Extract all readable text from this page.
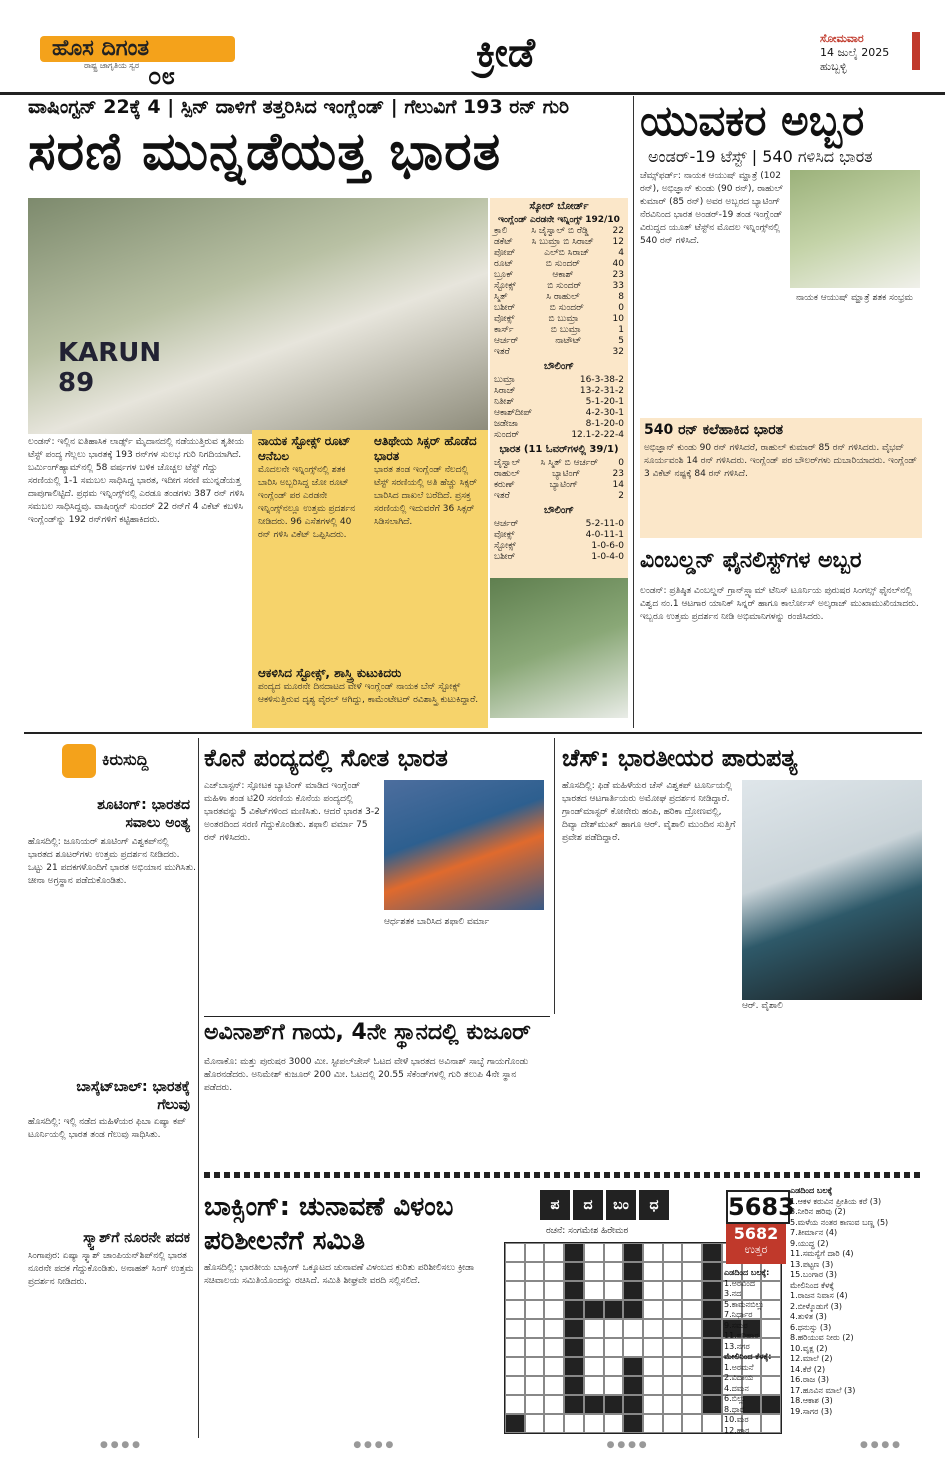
ಹೊಸ ದಿಗಂತ
ರಾಷ್ಟ್ರ ಜಾಗೃತಿಯ ಸ್ವರ ೦೮	ಕ್ರೀಡೆ	ಸೋಮವಾರ
14 ಜುಲೈ 2025
ಹುಬ್ಬಳ್ಳಿ
ವಾಷಿಂಗ್ಟನ್ 22ಕ್ಕೆ 4 | ಸ್ಪಿನ್ ದಾಳಿಗೆ ತತ್ತರಿಸಿದ ಇಂಗ್ಲೆಂಡ್ | ಗೆಲುವಿಗೆ 193 ರನ್ ಗುರಿ
ಸರಣಿ ಮುನ್ನಡೆಯತ್ತ ಭಾರತ
KARUN 89
ಸ್ಕೋರ್ ಬೋರ್ಡ್
ಇಂಗ್ಲೆಂಡ್ ಎರಡನೇ ಇನ್ನಿಂಗ್ಸ್ 192/10
ಕ್ರಾಲಿ	ಸಿ ಜೈಸ್ವಾಲ್ ಬಿ ರೆಡ್ಡಿ	22
ಡಕೆಟ್ ಸಿ ಬುಮ್ರಾ ಬಿ ಸಿರಾಜ್ 12
ಪೋಪ್	ಎಲ್‌ಬಿ ಸಿರಾಜ್	4
ರೂಟ್	ಬಿ ಸುಂದರ್	40
ಬ್ರೂಕ್	ಆಕಾಶ್	23
ಸ್ಟೋಕ್ಸ್	ಬಿ ಸುಂದರ್	33
ಸ್ಮಿತ್	ಸಿ ರಾಹುಲ್	8
ಬಶೀರ್	ಬಿ ಸುಂದರ್	0
ವೋಕ್ಸ್	ಬಿ ಬುಮ್ರಾ	10
ಕಾರ್ಸ್	ಬಿ ಬುಮ್ರಾ	1
ಆರ್ಚರ್	ನಾಟೌಟ್	5
ಇತರೆ	32
ಬೌಲಿಂಗ್
ಬುಮ್ರಾ	16-3-38-2
ಸಿರಾಜ್	13-2-31-2
ನಿತೀಶ್	5-1-20-1
ಆಕಾಶ್‌ದೀಪ್	4-2-30-1
ಜಡೇಜಾ	8-1-20-0
ಸುಂದರ್	12.1-2-22-4
ಭಾರತ (11 ಓವರ್‌ಗಳಲ್ಲಿ 39/1)
ಜೈಸ್ವಾಲ್ ಸಿ ಸ್ಮಿತ್ ಬಿ ಆರ್ಚರ್ 0
ರಾಹುಲ್	ಬ್ಯಾಟಿಂಗ್	23
ಕರುಣ್	ಬ್ಯಾಟಿಂಗ್	14
ಇತರೆ	2
ಬೌಲಿಂಗ್
ಆರ್ಚರ್	5-2-11-0
ವೋಕ್ಸ್	4-0-11-1
ಸ್ಟೋಕ್ಸ್	1-0-6-0
ಬಶೀರ್	1-0-4-0
ಲಂಡನ್: ಇಲ್ಲಿನ ಐತಿಹಾಸಿಕ ಲಾರ್ಡ್ಸ್ ಮೈದಾನದಲ್ಲಿ ನಡೆಯುತ್ತಿರುವ ತೃತೀಯ ಟೆಸ್ಟ್ ಪಂದ್ಯ ಗೆಲ್ಲಲು ಭಾರತಕ್ಕೆ 193 ರನ್‌ಗಳ ಸುಲಭ ಗುರಿ ನಿಗದಿಯಾಗಿದೆ. ಬರ್ಮಿಂಗ್‌ಹ್ಯಾಮ್‌ನಲ್ಲಿ 58 ವರ್ಷಗಳ ಬಳಿಕ ಚೊಚ್ಚಲ ಟೆಸ್ಟ್ ಗೆದ್ದು ಸರಣಿಯಲ್ಲಿ 1-1 ಸಮಬಲ ಸಾಧಿಸಿದ್ದ ಭಾರತ, ಇದೀಗ ಸರಣಿ ಮುನ್ನಡೆಯತ್ತ ದಾಪುಗಾಲಿಟ್ಟಿದೆ. ಪ್ರಥಮ ಇನ್ನಿಂಗ್ಸ್‌ನಲ್ಲಿ ಎರಡೂ ತಂಡಗಳು 387 ರನ್ ಗಳಿಸಿ ಸಮಬಲ ಸಾಧಿಸಿದ್ದವು. ವಾಷಿಂಗ್ಟನ್ ಸುಂದರ್ 22 ರನ್‌ಗೆ 4 ವಿಕೆಟ್ ಕಬಳಿಸಿ ಇಂಗ್ಲೆಂಡ್‌ನ್ನು 192 ರನ್‌ಗಳಿಗೆ ಕಟ್ಟಿಹಾಕಿದರು.
ನಾಯಕ ಸ್ಟೋಕ್ಸ್ ರೂಟ್ ಆನೆಬಲ
ಮೊದಲನೇ ಇನ್ನಿಂಗ್ಸ್‌ನಲ್ಲಿ ಶತಕ ಬಾರಿಸಿ ಅಬ್ಬರಿಸಿದ್ದ ಜೋ ರೂಟ್ ಇಂಗ್ಲೆಂಡ್ ಪರ ಎರಡನೇ ಇನ್ನಿಂಗ್ಸ್‌ನಲ್ಲೂ ಉತ್ತಮ ಪ್ರದರ್ಶನ ನೀಡಿದರು. 96 ಎಸೆತಗಳಲ್ಲಿ 40 ರನ್ ಗಳಿಸಿ ವಿಕೆಟ್ ಒಪ್ಪಿಸಿದರು.
ಆತಿಥೇಯ ಸಿಕ್ಸರ್ ಹೊಡೆದ ಭಾರತ
ಭಾರತ ತಂಡ ಇಂಗ್ಲೆಂಡ್ ನೆಲದಲ್ಲಿ ಟೆಸ್ಟ್ ಸರಣಿಯಲ್ಲಿ ಅತಿ ಹೆಚ್ಚು ಸಿಕ್ಸರ್ ಬಾರಿಸಿದ ದಾಖಲೆ ಬರೆದಿದೆ. ಪ್ರಸಕ್ತ ಸರಣಿಯಲ್ಲಿ ಇದುವರೆಗೆ 36 ಸಿಕ್ಸರ್ ಸಿಡಿಸಲಾಗಿದೆ.
ಆಕಳಿಸಿದ ಸ್ಟೋಕ್ಸ್, ಶಾಸ್ತ್ರಿ ಕುಟುಕಿದರು
ಪಂದ್ಯದ ಮೂರನೇ ದಿನದಾಟದ ವೇಳೆ ಇಂಗ್ಲೆಂಡ್ ನಾಯಕ ಬೆನ್ ಸ್ಟೋಕ್ಸ್ ಆಕಳಿಸುತ್ತಿರುವ ದೃಶ್ಯ ವೈರಲ್ ಆಗಿದ್ದು, ಕಾಮೆಂಟೇಟರ್ ರವಿಶಾಸ್ತ್ರಿ ಕುಟುಕಿದ್ದಾರೆ.
ಯುವಕರ ಅಬ್ಬರ
ಅಂಡರ್-19 ಟೆಸ್ಟ್ | 540 ಗಳಿಸಿದ ಭಾರತ
ಚೆಮ್ಸ್‌ಫರ್ಡ್: ನಾಯಕ ಆಯುಷ್ ಮ್ಹಾತ್ರೆ (102 ರನ್), ಅಭಿಜ್ಞಾನ್ ಕುಂಡು (90 ರನ್), ರಾಹುಲ್ ಕುಮಾರ್ (85 ರನ್) ಅವರ ಅಬ್ಬರದ ಬ್ಯಾಟಿಂಗ್ ನೆರವಿನಿಂದ ಭಾರತ ಅಂಡರ್-19 ತಂಡ ಇಂಗ್ಲೆಂಡ್ ವಿರುದ್ಧದ ಯೂತ್ ಟೆಸ್ಟ್‌ನ ಮೊದಲ ಇನ್ನಿಂಗ್ಸ್‌ನಲ್ಲಿ 540 ರನ್ ಗಳಿಸಿದೆ.
ನಾಯಕ ಆಯುಷ್ ಮ್ಹಾತ್ರೆ ಶತಕ ಸಂಭ್ರಮ
540 ರನ್ ಕಲೆಹಾಕಿದ ಭಾರತ
ಅಭಿಜ್ಞಾನ್ ಕುಂಡು 90 ರನ್ ಗಳಿಸಿದರೆ, ರಾಹುಲ್ ಕುಮಾರ್ 85 ರನ್ ಗಳಿಸಿದರು. ವೈಭವ್ ಸೂರ್ಯವಂಶಿ 14 ರನ್ ಗಳಿಸಿದರು. ಇಂಗ್ಲೆಂಡ್ ಪರ ಬೌಲರ್‌ಗಳು ದುಬಾರಿಯಾದರು. ಇಂಗ್ಲೆಂಡ್ 3 ವಿಕೆಟ್ ನಷ್ಟಕ್ಕೆ 84 ರನ್ ಗಳಿಸಿದೆ.
ವಿಂಬಲ್ಡನ್ ಫೈನಲಿಸ್ಟ್‌ಗಳ ಅಬ್ಬರ
ಲಂಡನ್: ಪ್ರತಿಷ್ಠಿತ ವಿಂಬಲ್ಡನ್ ಗ್ರಾನ್‌ಸ್ಲ್ಯಾಮ್ ಟೆನಿಸ್ ಟೂರ್ನಿಯ ಪುರುಷರ ಸಿಂಗಲ್ಸ್ ಫೈನಲ್‌ನಲ್ಲಿ ವಿಶ್ವದ ನಂ.1 ಆಟಗಾರ ಯಾನಿಕ್ ಸಿನ್ನರ್ ಹಾಗೂ ಕಾರ್ಲೋಸ್ ಅಲ್ಕರಾಜ್ ಮುಖಾಮುಖಿಯಾದರು. ಇಬ್ಬರೂ ಉತ್ತಮ ಪ್ರದರ್ಶನ ನೀಡಿ ಅಭಿಮಾನಿಗಳನ್ನು ರಂಜಿಸಿದರು.
ಕಿರುಸುದ್ದಿ
ಶೂಟಿಂಗ್: ಭಾರತದ ಸವಾಲು ಅಂತ್ಯ
ಹೊಸದಿಲ್ಲಿ: ಜೂನಿಯರ್ ಶೂಟಿಂಗ್ ವಿಶ್ವಕಪ್‌ನಲ್ಲಿ ಭಾರತದ ಶೂಟರ್‌ಗಳು ಉತ್ತಮ ಪ್ರದರ್ಶನ ನೀಡಿದರು. ಒಟ್ಟು 21 ಪದಕಗಳೊಂದಿಗೆ ಭಾರತ ಅಭಿಯಾನ ಮುಗಿಸಿತು. ಚೀನಾ ಅಗ್ರಸ್ಥಾನ ಪಡೆದುಕೊಂಡಿತು.
ಬಾಸ್ಕೆಟ್‌ಬಾಲ್: ಭಾರತಕ್ಕೆ ಗೆಲುವು
ಹೊಸದಿಲ್ಲಿ: ಇಲ್ಲಿ ನಡೆದ ಮಹಿಳೆಯರ ಫಿಬಾ ಏಷ್ಯಾ ಕಪ್ ಟೂರ್ನಿಯಲ್ಲಿ ಭಾರತ ತಂಡ ಗೆಲುವು ಸಾಧಿಸಿತು.
ಸ್ಕ್ವಾಶ್‌ಗೆ ನೂರನೇ ಪದಕ
ಸಿಂಗಾಪುರ: ಏಷ್ಯಾ ಸ್ಕ್ವಾಶ್ ಚಾಂಪಿಯನ್‌ಶಿಪ್‌ನಲ್ಲಿ ಭಾರತ ನೂರನೇ ಪದಕ ಗೆದ್ದುಕೊಂಡಿತು. ಅನಾಹತ್ ಸಿಂಗ್ ಉತ್ತಮ ಪ್ರದರ್ಶನ ನೀಡಿದರು.
ಕೊನೆ ಪಂದ್ಯದಲ್ಲಿ ಸೋತ ಭಾರತ
ಎಜ್‌ಬಾಸ್ಟನ್: ಸ್ಫೋಟಕ ಬ್ಯಾಟಿಂಗ್ ಮಾಡಿದ ಇಂಗ್ಲೆಂಡ್ ಮಹಿಳಾ ತಂಡ ಟಿ20 ಸರಣಿಯ ಕೊನೆಯ ಪಂದ್ಯದಲ್ಲಿ ಭಾರತವನ್ನು 5 ವಿಕೆಟ್‌ಗಳಿಂದ ಮಣಿಸಿತು. ಆದರೆ ಭಾರತ 3-2 ಅಂತರದಿಂದ ಸರಣಿ ಗೆದ್ದುಕೊಂಡಿತು. ಶಫಾಲಿ ವರ್ಮಾ 75 ರನ್ ಗಳಿಸಿದರು.
ಆರ್ಧಶತಕ ಬಾರಿಸಿದ ಶಫಾಲಿ ವರ್ಮಾ
ಚೆಸ್: ಭಾರತೀಯರ ಪಾರುಪತ್ಯ
ಹೊಸದಿಲ್ಲಿ: ಫಿಡೆ ಮಹಿಳೆಯರ ಚೆಸ್ ವಿಶ್ವಕಪ್ ಟೂರ್ನಿಯಲ್ಲಿ ಭಾರತದ ಆಟಗಾರ್ತಿಯರು ಅಮೋಘ ಪ್ರದರ್ಶನ ನೀಡಿದ್ದಾರೆ. ಗ್ರಾಂಡ್‌ಮಾಸ್ಟರ್ ಕೋನೇರು ಹಂಪಿ, ಹರಿಕಾ ದ್ರೋಣವಲ್ಲಿ, ದಿವ್ಯಾ ದೇಶ್‌ಮುಖ್ ಹಾಗೂ ಆರ್. ವೈಶಾಲಿ ಮುಂದಿನ ಸುತ್ತಿಗೆ ಪ್ರವೇಶ ಪಡೆದಿದ್ದಾರೆ.
ಆರ್. ವೈಶಾಲಿ
ಅವಿನಾಶ್‌ಗೆ ಗಾಯ, 4ನೇ ಸ್ಥಾನದಲ್ಲಿ ಕುಜೂರ್
ಮೊನಾಕೊ: ಮತ್ತು ಪುರುಷರ 3000 ಮೀ. ಸ್ಟೀಪಲ್‌ಚೇಸ್ ಓಟದ ವೇಳೆ ಭಾರತದ ಅವಿನಾಶ್ ಸಾಬ್ಳೆ ಗಾಯಗೊಂಡು ಹೊರನಡೆದರು. ಅನಿಮೇಶ್ ಕುಜೂರ್ 200 ಮೀ. ಓಟದಲ್ಲಿ 20.55 ಸೆಕೆಂಡ್‌ಗಳಲ್ಲಿ ಗುರಿ ತಲುಪಿ 4ನೇ ಸ್ಥಾನ ಪಡೆದರು.
ಬಾಕ್ಸಿಂಗ್: ಚುನಾವಣೆ ವಿಳಂಬ ಪರಿಶೀಲನೆಗೆ ಸಮಿತಿ
ಹೊಸದಿಲ್ಲಿ: ಭಾರತೀಯ ಬಾಕ್ಸಿಂಗ್ ಒಕ್ಕೂಟದ ಚುನಾವಣೆ ವಿಳಂಬದ ಕುರಿತು ಪರಿಶೀಲಿಸಲು ಕ್ರೀಡಾ ಸಚಿವಾಲಯ ಸಮಿತಿಯೊಂದನ್ನು ರಚಿಸಿದೆ. ಸಮಿತಿ ಶೀಘ್ರವೇ ವರದಿ ಸಲ್ಲಿಸಲಿದೆ.
ಪ	ದ	ಬಂ	ಧ
ರಚನೆ: ಸಂಗಮೇಶ ಹಿರೇಮಠ
5683
5682
ಉತ್ತರ
ಎಡದಿಂದ ಬಲಕ್ಕೆ:
1.ಅರವಿಂದ
3.ನದ
5.ಕಾಮನಬಿಲ್ಲು
7.ನಿರ್ಧಾರ
9.ಸಮರ
11.ಪರಿಹಾರ
13.ನಗರ
ಮೇಲಿನಿಂದ ಕೆಳಕ್ಕೆ:
1.ಅರಮನೆ
2.ವಿದಾಯ
4.ದಮನ
6.ಬಿಲ್ಲು
8.ಧಾರೆ
10.ಮರ
12.ಹಾರ
ಎಡದಿಂದ ಬಲಕ್ಕೆ
1.ಆಕಳ ಕರುವಿನ ಪ್ರೀತಿಯ ಕರೆ (3)
3.ನೀರಿನ ಹರಿವು (2)
5.ಮಳೆಯ ನಂತರ ಕಾಣುವ ಬಣ್ಣ (5)
7.ತೀರ್ಮಾನ (4)
9.ಯುದ್ಧ (2)
11.ಸಮಸ್ಯೆಗೆ ದಾರಿ (4)
13.ಪಟ್ಟಣ (3)
15.ಬಂಗಾರ (3)
ಮೇಲಿನಿಂದ ಕೆಳಕ್ಕೆ
1.ರಾಜನ ನಿವಾಸ (4)
2.ಬೀಳ್ಕೊಡುಗೆ (3)
4.ತುಳಿತ (3)
6.ಧನುಸ್ಸು (3)
8.ಹರಿಯುವ ನೀರು (2)
10.ವೃಕ್ಷ (2)
12.ಮಾಲೆ (2)
14.ಕೆರೆ (2)
16.ರಾಜ (3)
17.ಹೂವಿನ ಮಾಲೆ (3)
18.ಆಕಾಶ (3)
19.ಸಾಗರ (3)
● ● ● ●	● ● ● ●	● ● ● ●	● ● ● ●
